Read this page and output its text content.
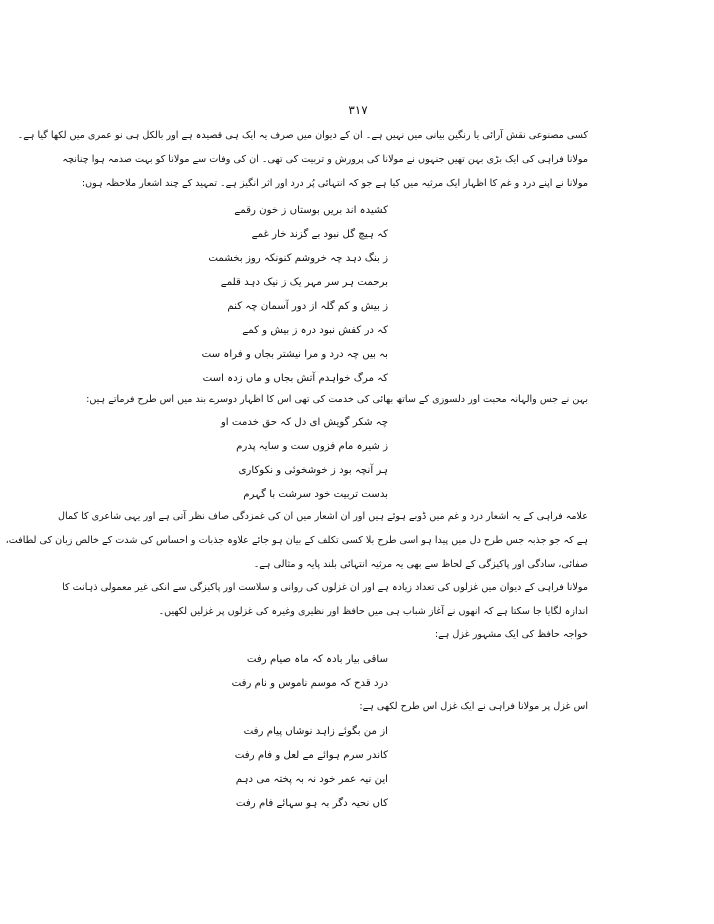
۳۱۷
کسی مصنوعی نقش آرائی یا رنگین بیانی میں نہیں ہے۔ ان کے دیوان میں صرف یہ ایک ہی قصیدہ ہے اور بالکل ہی نو عمری میں لکھا گیا ہے۔
مولانا فراہی کی ایک بڑی بہن تھیں جنہوں نے مولانا کی پرورش و تربیت کی تھی۔ ان کی وفات سے مولانا کو بہت صدمہ ہوا چنانچہ
مولانا نے اپنے درد و غم کا اظہار ایک مرثیہ میں کیا ہے جو کہ انتہائی پُر درد اور اثر انگیز ہے۔ تمہید کے چند اشعار ملاحظہ ہوں:
کشیدہ اند بریں بوستاں ز خون رقمے
کہ ہیچ گل نبود بے گزند خار غمے
ز بنگ دہد چہ خروشم کنونکہ روز بخشمت
برحمت ہر سر مہر یک ز نیک دہد قلمے
ز بیش و کم گلہ از دور آسمان چہ کنم
کہ در کفش نبود درہ ز بیش و کمے
بہ بیں چہ درد و مرا نیشتر بجاں و فراہ ست
کہ مرگ خواہدم آتش بجاں و ماں زدہ است
بہن نے جس والہانہ محبت اور دلسوزی کے ساتھ بھائی کی خدمت کی تھی اس کا اظہار دوسرے بند میں اس طرح فرماتے ہیں:
چہ شکر گویش ای دل کہ حق خدمت او
ز شیرہ مام فزوں ست و سایہ پدرم
ہر آنچہ بود ز خوشخوئی و نکوکاری
بدست تربیت خود سرشت با گہرم
علامہ فراہی کے یہ اشعار درد و غم میں ڈوبے ہوئے ہیں اور ان اشعار میں ان کی غمزدگی صاف نظر آتی ہے اور یہی شاعری کا کمال
ہے کہ جو جذبہ جس طرح دل میں پیدا ہو اسی طرح بلا کسی تکلف کے بیان ہو جائے علاوہ جذبات و احساس کی شدت کے خالص زبان کی لطافت،
صفائی، سادگی اور پاکیزگی کے لحاظ سے بھی یہ مرثیہ انتہائی بلند پایہ و مثالی ہے۔
مولانا فراہی کے دیوان میں غزلوں کی تعداد زیادہ ہے اور ان غزلوں کی روانی و سلاست اور پاکیزگی سے انکی غیر معمولی ذہانت کا
اندازہ لگایا جا سکتا ہے کہ انھوں نے آغاز شباب ہی میں حافظ اور نظیری وغیرہ کی غزلوں پر غزلیں لکھیں۔
خواجہ حافظ کی ایک مشہور غزل ہے:
ساقی بیار بادہ کہ ماہ صیام رفت
درد قدح کہ موسم ناموس و نام رفت
اس غزل پر مولانا فراہی نے ایک غزل اس طرح لکھی ہے:
از من بگوئے زاہد نوشاں پیام رفت
کاندر سرم ہوائے مے لعل و فام رفت
این نیہ عمر خود نہ بہ پختہ می دہم
کاں نحیہ دگر بہ ہو سہائے فام رفت
